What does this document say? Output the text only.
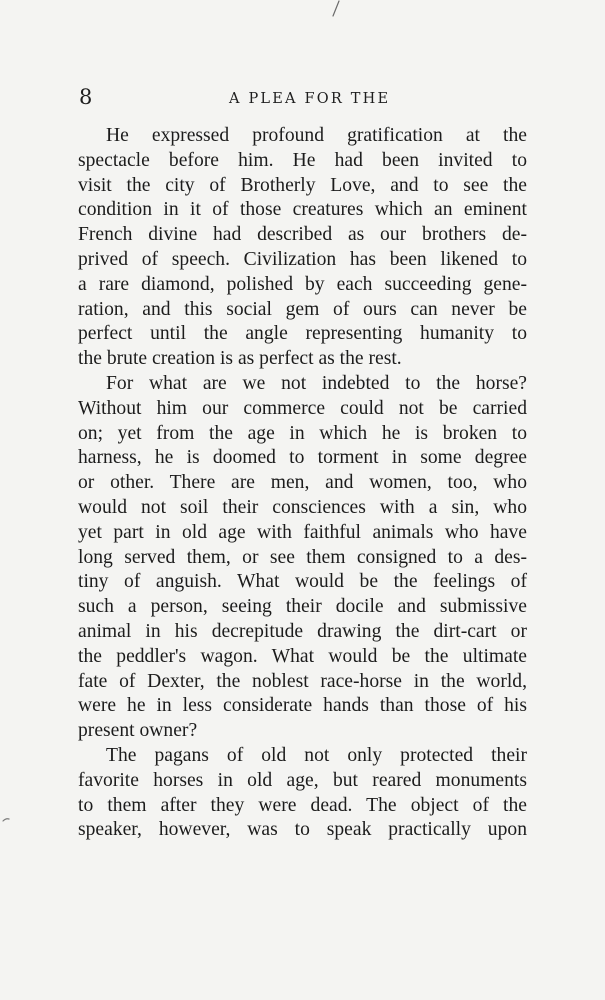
8	A PLEA FOR THE

He expressed profound gratification at the
spectacle before him. He had been invited to
visit the city of Brotherly Love, and to see the
condition in it of those creatures which an eminent
French divine had described as our brothers de-
prived of speech. Civilization has been likened to
a rare diamond, polished by each succeeding gene-
ration, and this social gem of ours can never be
perfect until the angle representing humanity to
the brute creation is as perfect as the rest.

For what are we not indebted to the horse?
Without him our commerce could not be carried
on; yet from the age in which he is broken to
harness, he is doomed to torment in some degree
or other. There are men, and women, too, who
would not soil their consciences with a sin, who
yet part in old age with faithful animals who have
long served them, or see them consigned to a des-
tiny of anguish. What would be the feelings of
such a person, seeing their docile and submissive
animal in his decrepitude drawing the dirt-cart or
the peddler's wagon. What would be the ultimate
fate of Dexter, the noblest race-horse in the world,
were he in less considerate hands than those of his
present owner?

The pagans of old not only protected their
favorite horses in old age, but reared monuments
to them after they were dead. The object of the
speaker, however, was to speak practically upon
